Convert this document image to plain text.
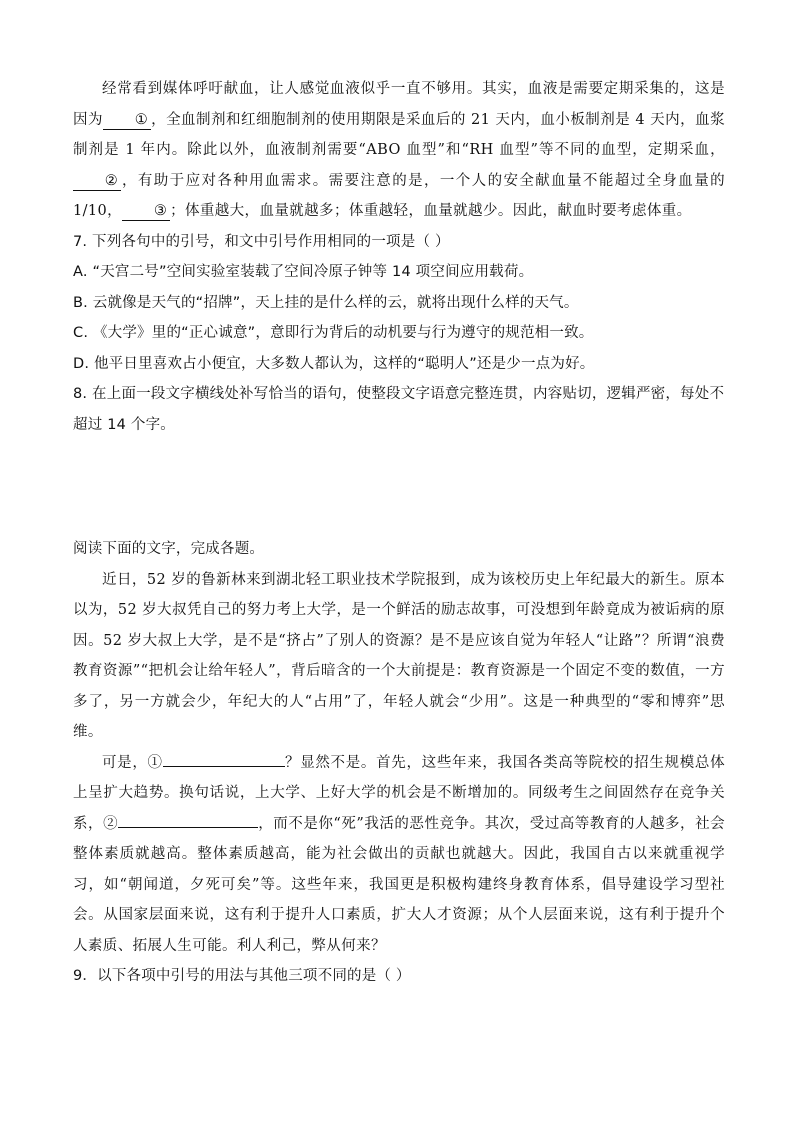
经常看到媒体呼吁献血，让人感觉血液似乎一直不够用。其实，血液是需要定期采集的，这是因为 ① ，全血制剂和红细胞制剂的使用期限是采血后的 21 天内，血小板制剂是 4 天内，血浆制剂是 1 年内。除此以外，血液制剂需要“ABO 血型”和“RH 血型”等不同的血型，定期采血，② ，有助于应对各种用血需求。需要注意的是，一个人的安全献血量不能超过全身血量的 1/10， ③ ；体重越大，血量就越多；体重越轻，血量就越少。因此，献血时要考虑体重。

7. 下列各句中的引号，和文中引号作用相同的一项是（ ）

A. “天宫二号”空间实验室装载了空间冷原子钟等 14 项空间应用载荷。

B. 云就像是天气的“招牌”，天上挂的是什么样的云，就将出现什么样的天气。

C. 《大学》里的“正心诚意”，意即行为背后的动机要与行为遵守的规范相一致。

D. 他平日里喜欢占小便宜，大多数人都认为，这样的“聪明人”还是少一点为好。

8. 在上面一段文字横线处补写恰当的语句，使整段文字语意完整连贯，内容贴切，逻辑严密，每处不超过 14 个字。

阅读下面的文字，完成各题。

近日，52 岁的鲁新林来到湖北轻工职业技术学院报到，成为该校历史上年纪最大的新生。原本以为，52 岁大叔凭自己的努力考上大学，是一个鲜活的励志故事，可没想到年龄竟成为被诟病的原因。52 岁大叔上大学，是不是“挤占”了别人的资源？是不是应该自觉为年轻人“让路”？所谓“浪费教育资源”“把机会让给年轻人”，背后暗含的一个大前提是：教育资源是一个固定不变的数值，一方多了，另一方就会少，年纪大的人“占用”了，年轻人就会“少用”。这是一种典型的“零和博弈”思维。

可是，①	？显然不是。首先，这些年来，我国各类高等院校的招生规模总体上呈扩大趋势。换句话说，上大学、上好大学的机会是不断增加的。同级考生之间固然存在竞争关系，②	，而不是你“死”我活的恶性竞争。其次，受过高等教育的人越多，社会整体素质就越高。整体素质越高，能为社会做出的贡献也就越大。因此，我国自古以来就重视学习，如“朝闻道，夕死可矣”等。这些年来，我国更是积极构建终身教育体系，倡导建设学习型社会。从国家层面来说，这有利于提升人口素质，扩大人才资源；从个人层面来说，这有利于提升个人素质、拓展人生可能。利人利己，弊从何来？

9．以下各项中引号的用法与其他三项不同的是（ ）
